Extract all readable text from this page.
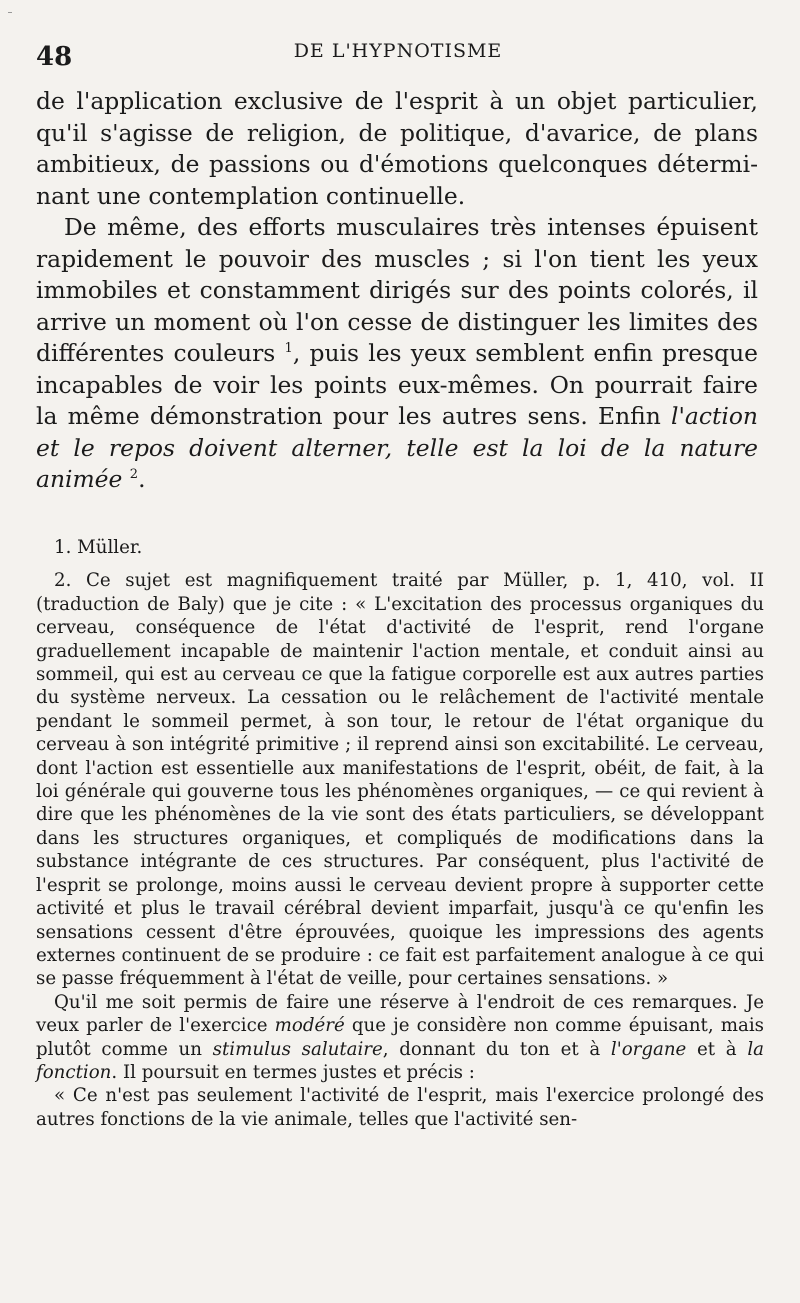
48	DE L'HYPNOTISME

de l'application exclusive de l'esprit à un objet particulier, qu'il s'agisse de religion, de politique, d'avarice, de plans ambitieux, de passions ou d'émotions quelconques déterminant une contemplation continuelle.

De même, des efforts musculaires très intenses épuisent rapidement le pouvoir des muscles ; si l'on tient les yeux immobiles et constamment dirigés sur des points colorés, il arrive un moment où l'on cesse de distinguer les limites des différentes couleurs $^1$, puis les yeux semblent enfin presque incapables de voir les points eux-mêmes. On pourrait faire la même démonstration pour les autres sens. Enfin l'action et le repos doivent alterner, telle est la loi de la nature animée $^2$.

1. Müller.

2. Ce sujet est magnifiquement traité par Müller, p. 1, 410, vol. II (traduction de Baly) que je cite : « L'excitation des processus organiques du cerveau, conséquence de l'état d'activité de l'esprit, rend l'organe graduellement incapable de maintenir l'action mentale, et conduit ainsi au sommeil, qui est au cerveau ce que la fatigue corporelle est aux autres parties du système nerveux. La cessation ou le relâchement de l'activité mentale pendant le sommeil permet, à son tour, le retour de l'état organique du cerveau à son intégrité primitive ; il reprend ainsi son excitabilité. Le cerveau, dont l'action est essentielle aux manifestations de l'esprit, obéit, de fait, à la loi générale qui gouverne tous les phénomènes organiques, — ce qui revient à dire que les phénomènes de la vie sont des états particuliers, se développant dans les structures organiques, et compliqués de modifications dans la substance intégrante de ces structures. Par conséquent, plus l'activité de l'esprit se prolonge, moins aussi le cerveau devient propre à supporter cette activité et plus le travail cérébral devient imparfait, jusqu'à ce qu'enfin les sensations cessent d'être éprouvées, quoique les impressions des agents externes continuent de se produire : ce fait est parfaitement analogue à ce qui se passe fréquemment à l'état de veille, pour certaines sensations. »

Qu'il me soit permis de faire une réserve à l'endroit de ces remarques. Je veux parler de l'exercice modéré que je considère non comme épuisant, mais plutôt comme un stimulus salutaire, donnant du ton et à l'organe et à la fonction. Il poursuit en termes justes et précis :

« Ce n'est pas seulement l'activité de l'esprit, mais l'exercice prolongé des autres fonctions de la vie animale, telles que l'activité sen-
